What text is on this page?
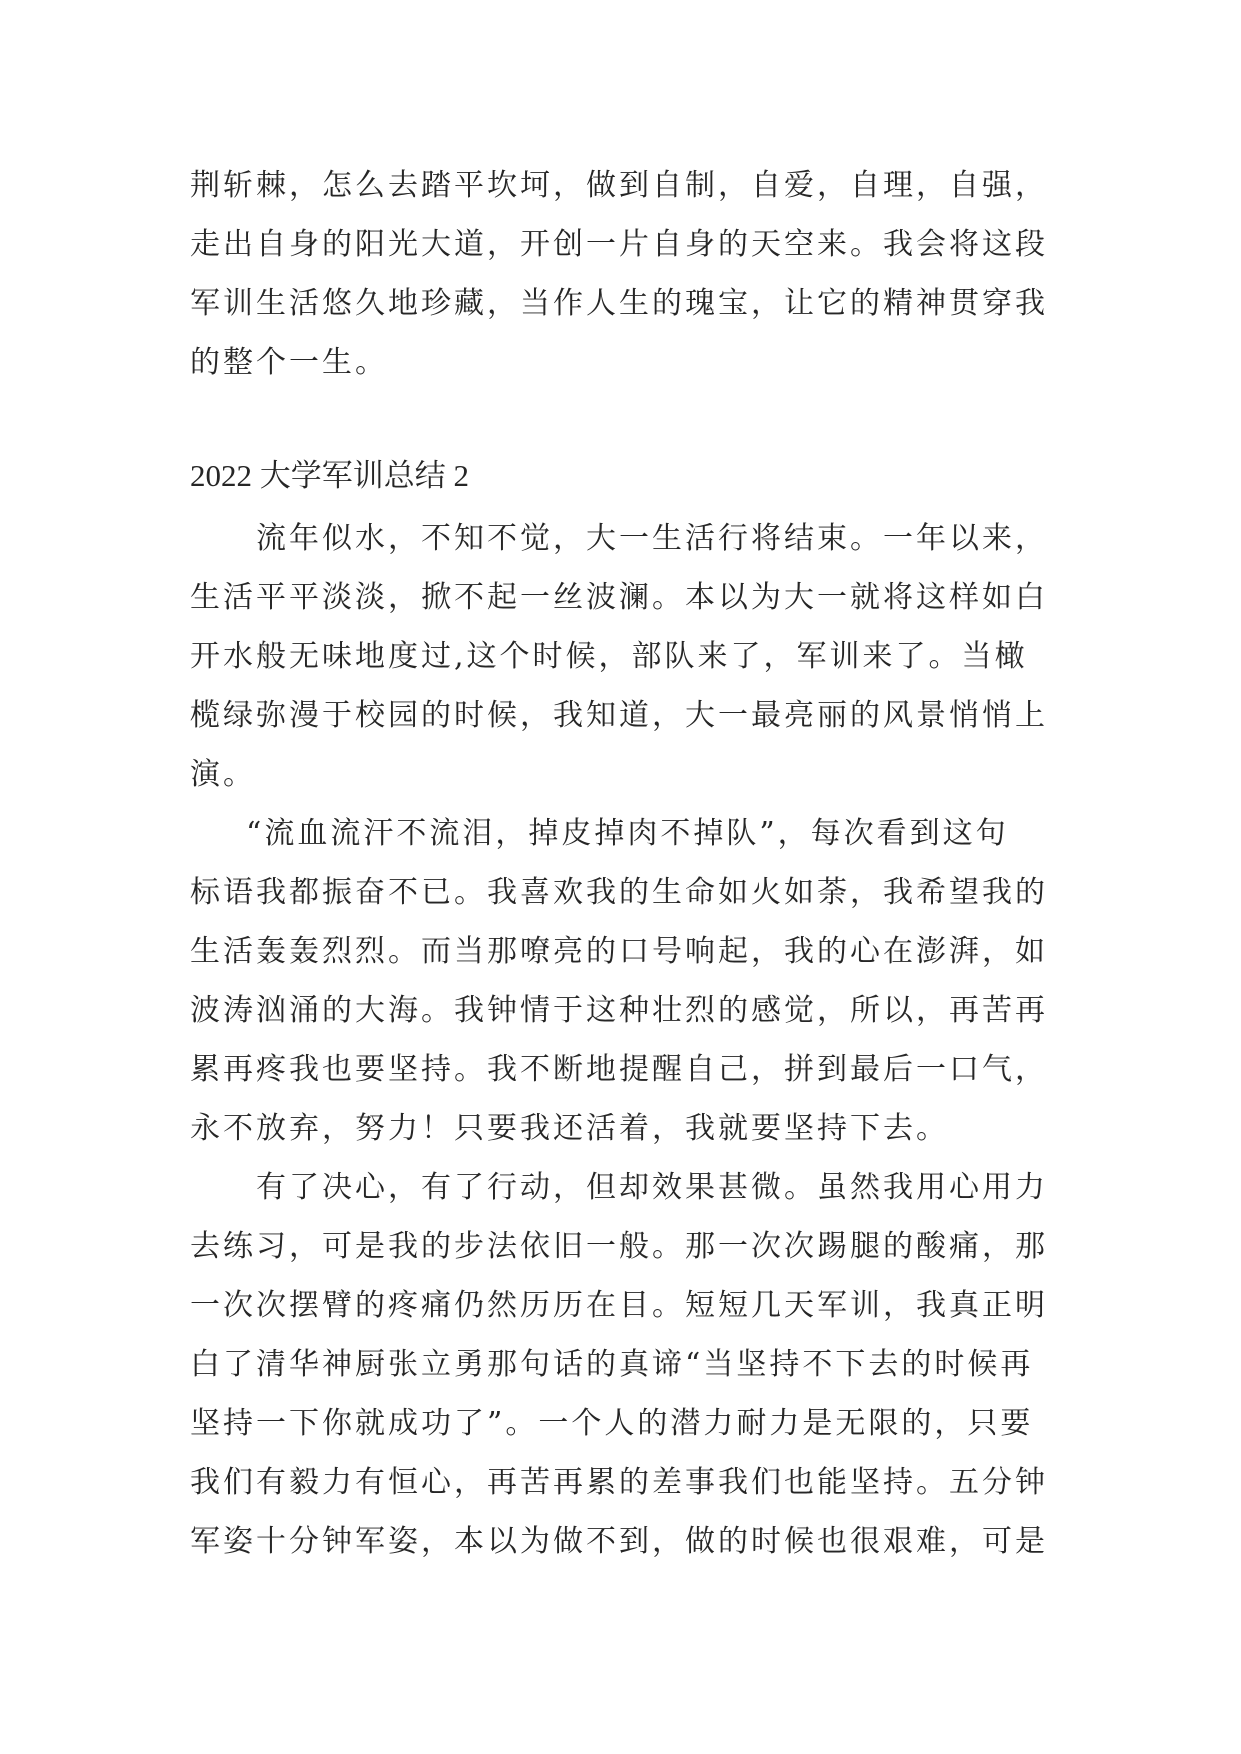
荆斩棘，怎么去踏平坎坷，做到自制，自爱，自理，自强，
走出自身的阳光大道，开创一片自身的天空来。我会将这段
军训生活悠久地珍藏，当作人生的瑰宝，让它的精神贯穿我
的整个一生。
2022 大学军训总结 2
流年似水，不知不觉，大一生活行将结束。一年以来，
生活平平淡淡，掀不起一丝波澜。本以为大一就将这样如白
开水般无味地度过,这个时候，部队来了，军训来了。当橄
榄绿弥漫于校园的时候，我知道，大一最亮丽的风景悄悄上
演。
“流血流汗不流泪，掉皮掉肉不掉队”，每次看到这句
标语我都振奋不已。我喜欢我的生命如火如荼，我希望我的
生活轰轰烈烈。而当那嘹亮的口号响起，我的心在澎湃，如
波涛汹涌的大海。我钟情于这种壮烈的感觉，所以，再苦再
累再疼我也要坚持。我不断地提醒自己，拼到最后一口气，
永不放弃，努力！只要我还活着，我就要坚持下去。
有了决心，有了行动，但却效果甚微。虽然我用心用力
去练习，可是我的步法依旧一般。那一次次踢腿的酸痛，那
一次次摆臂的疼痛仍然历历在目。短短几天军训，我真正明
白了清华神厨张立勇那句话的真谛“当坚持不下去的时候再
坚持一下你就成功了”。一个人的潜力耐力是无限的，只要
我们有毅力有恒心，再苦再累的差事我们也能坚持。五分钟
军姿十分钟军姿，本以为做不到，做的时候也很艰难，可是
